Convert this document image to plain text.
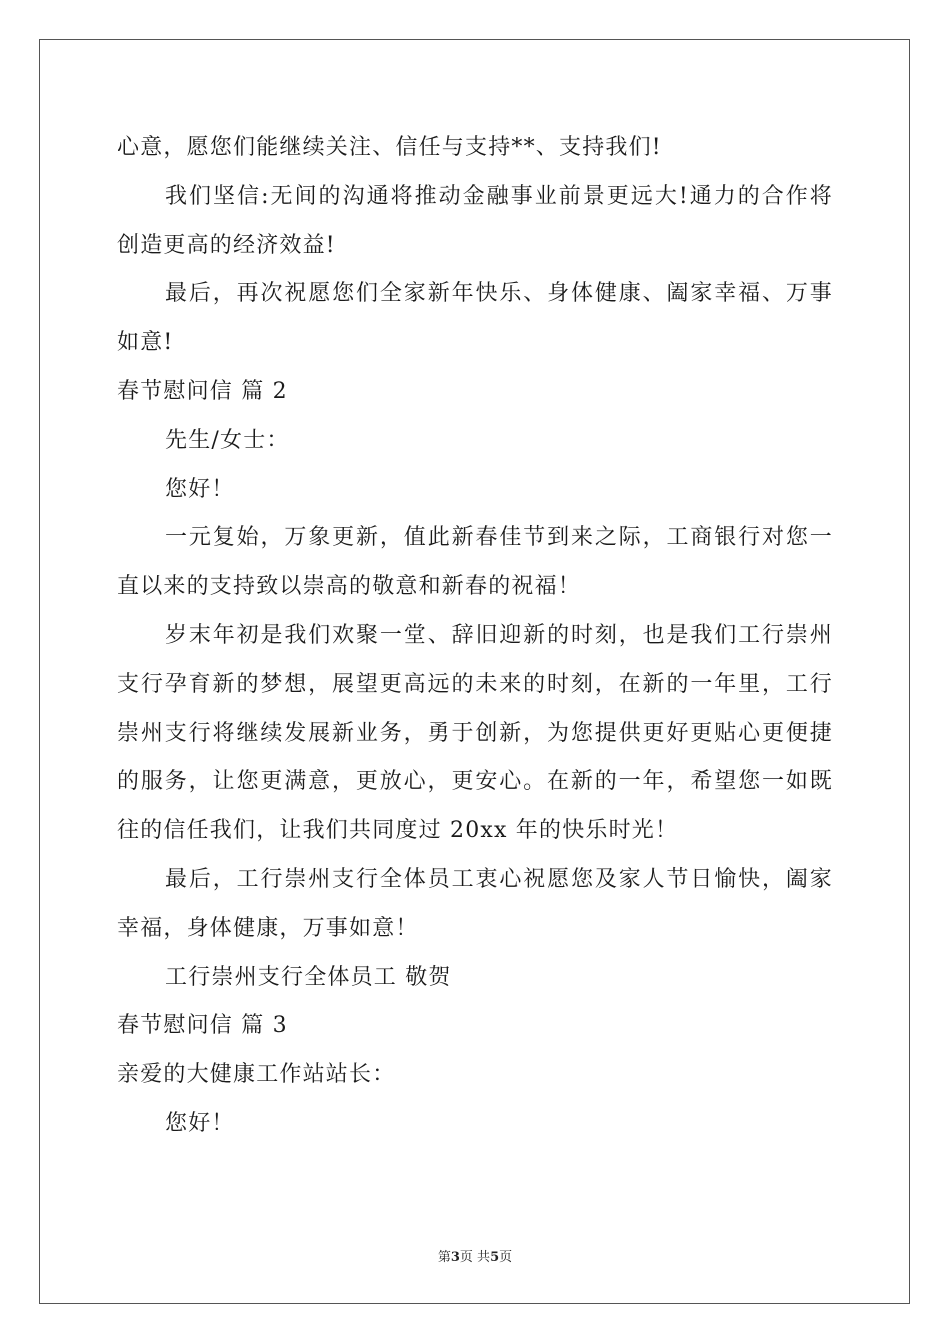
心意，愿您们能继续关注、信任与支持**、支持我们!
我们坚信:无间的沟通将推动金融事业前景更远大!通力的合作将
创造更高的经济效益!
最后，再次祝愿您们全家新年快乐、身体健康、阖家幸福、万事
如意!
春节慰问信 篇 2
先生/女士：
您好！
一元复始，万象更新，值此新春佳节到来之际，工商银行对您一
直以来的支持致以崇高的敬意和新春的祝福！
岁末年初是我们欢聚一堂、辞旧迎新的时刻，也是我们工行崇州
支行孕育新的梦想，展望更高远的未来的时刻，在新的一年里，工行
崇州支行将继续发展新业务，勇于创新，为您提供更好更贴心更便捷
的服务，让您更满意，更放心，更安心。在新的一年，希望您一如既
往的信任我们，让我们共同度过 20xx 年的快乐时光！
最后，工行崇州支行全体员工衷心祝愿您及家人节日愉快，阖家
幸福，身体健康，万事如意！
工行崇州支行全体员工 敬贺
春节慰问信 篇 3
亲爱的大健康工作站站长：
您好！
第3页 共5页
